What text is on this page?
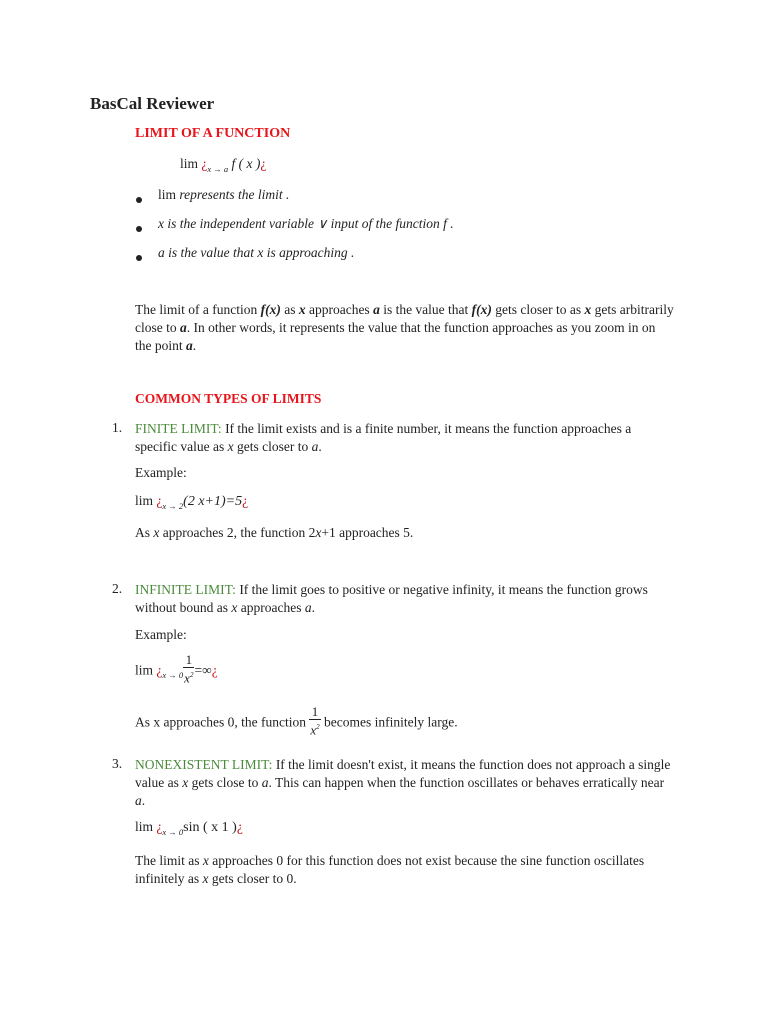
BasCal Reviewer
LIMIT OF A FUNCTION
$\lim ¿_{x \to a}$ f ( x )¿
lim represents the limit .
x is the independent variable ∨ input of the function f .
a is the value that x is approaching .
The limit of a function f(x) as x approaches a is the value that f(x) gets closer to as x gets arbitrarily close to a. In other words, it represents the value that the function approaches as you zoom in on the point a.
COMMON TYPES OF LIMITS
1. FINITE LIMIT: If the limit exists and is a finite number, it means the function approaches a specific value as x gets closer to a.
Example:
$\lim ¿_{x \to 2}(2$ x+1)=5¿
As x approaches 2, the function 2x+1 approaches 5.
2. INFINITE LIMIT: If the limit goes to positive or negative infinity, it means the function grows without bound as x approaches a.
Example:
$\lim ¿_{x \to 0} \frac{1}{x^2}$ =∞¿
As x approaches 0, the function $\frac{1}{x^2}$ becomes infinitely large.
3. NONEXISTENT LIMIT: If the limit doesn't exist, it means the function does not approach a single value as x gets close to a. This can happen when the function oscillates or behaves erratically near a.
$\lim ¿_{x \to 0}\sin$ ( x 1 )¿
The limit as x approaches 0 for this function does not exist because the sine function oscillates infinitely as x gets closer to 0.
